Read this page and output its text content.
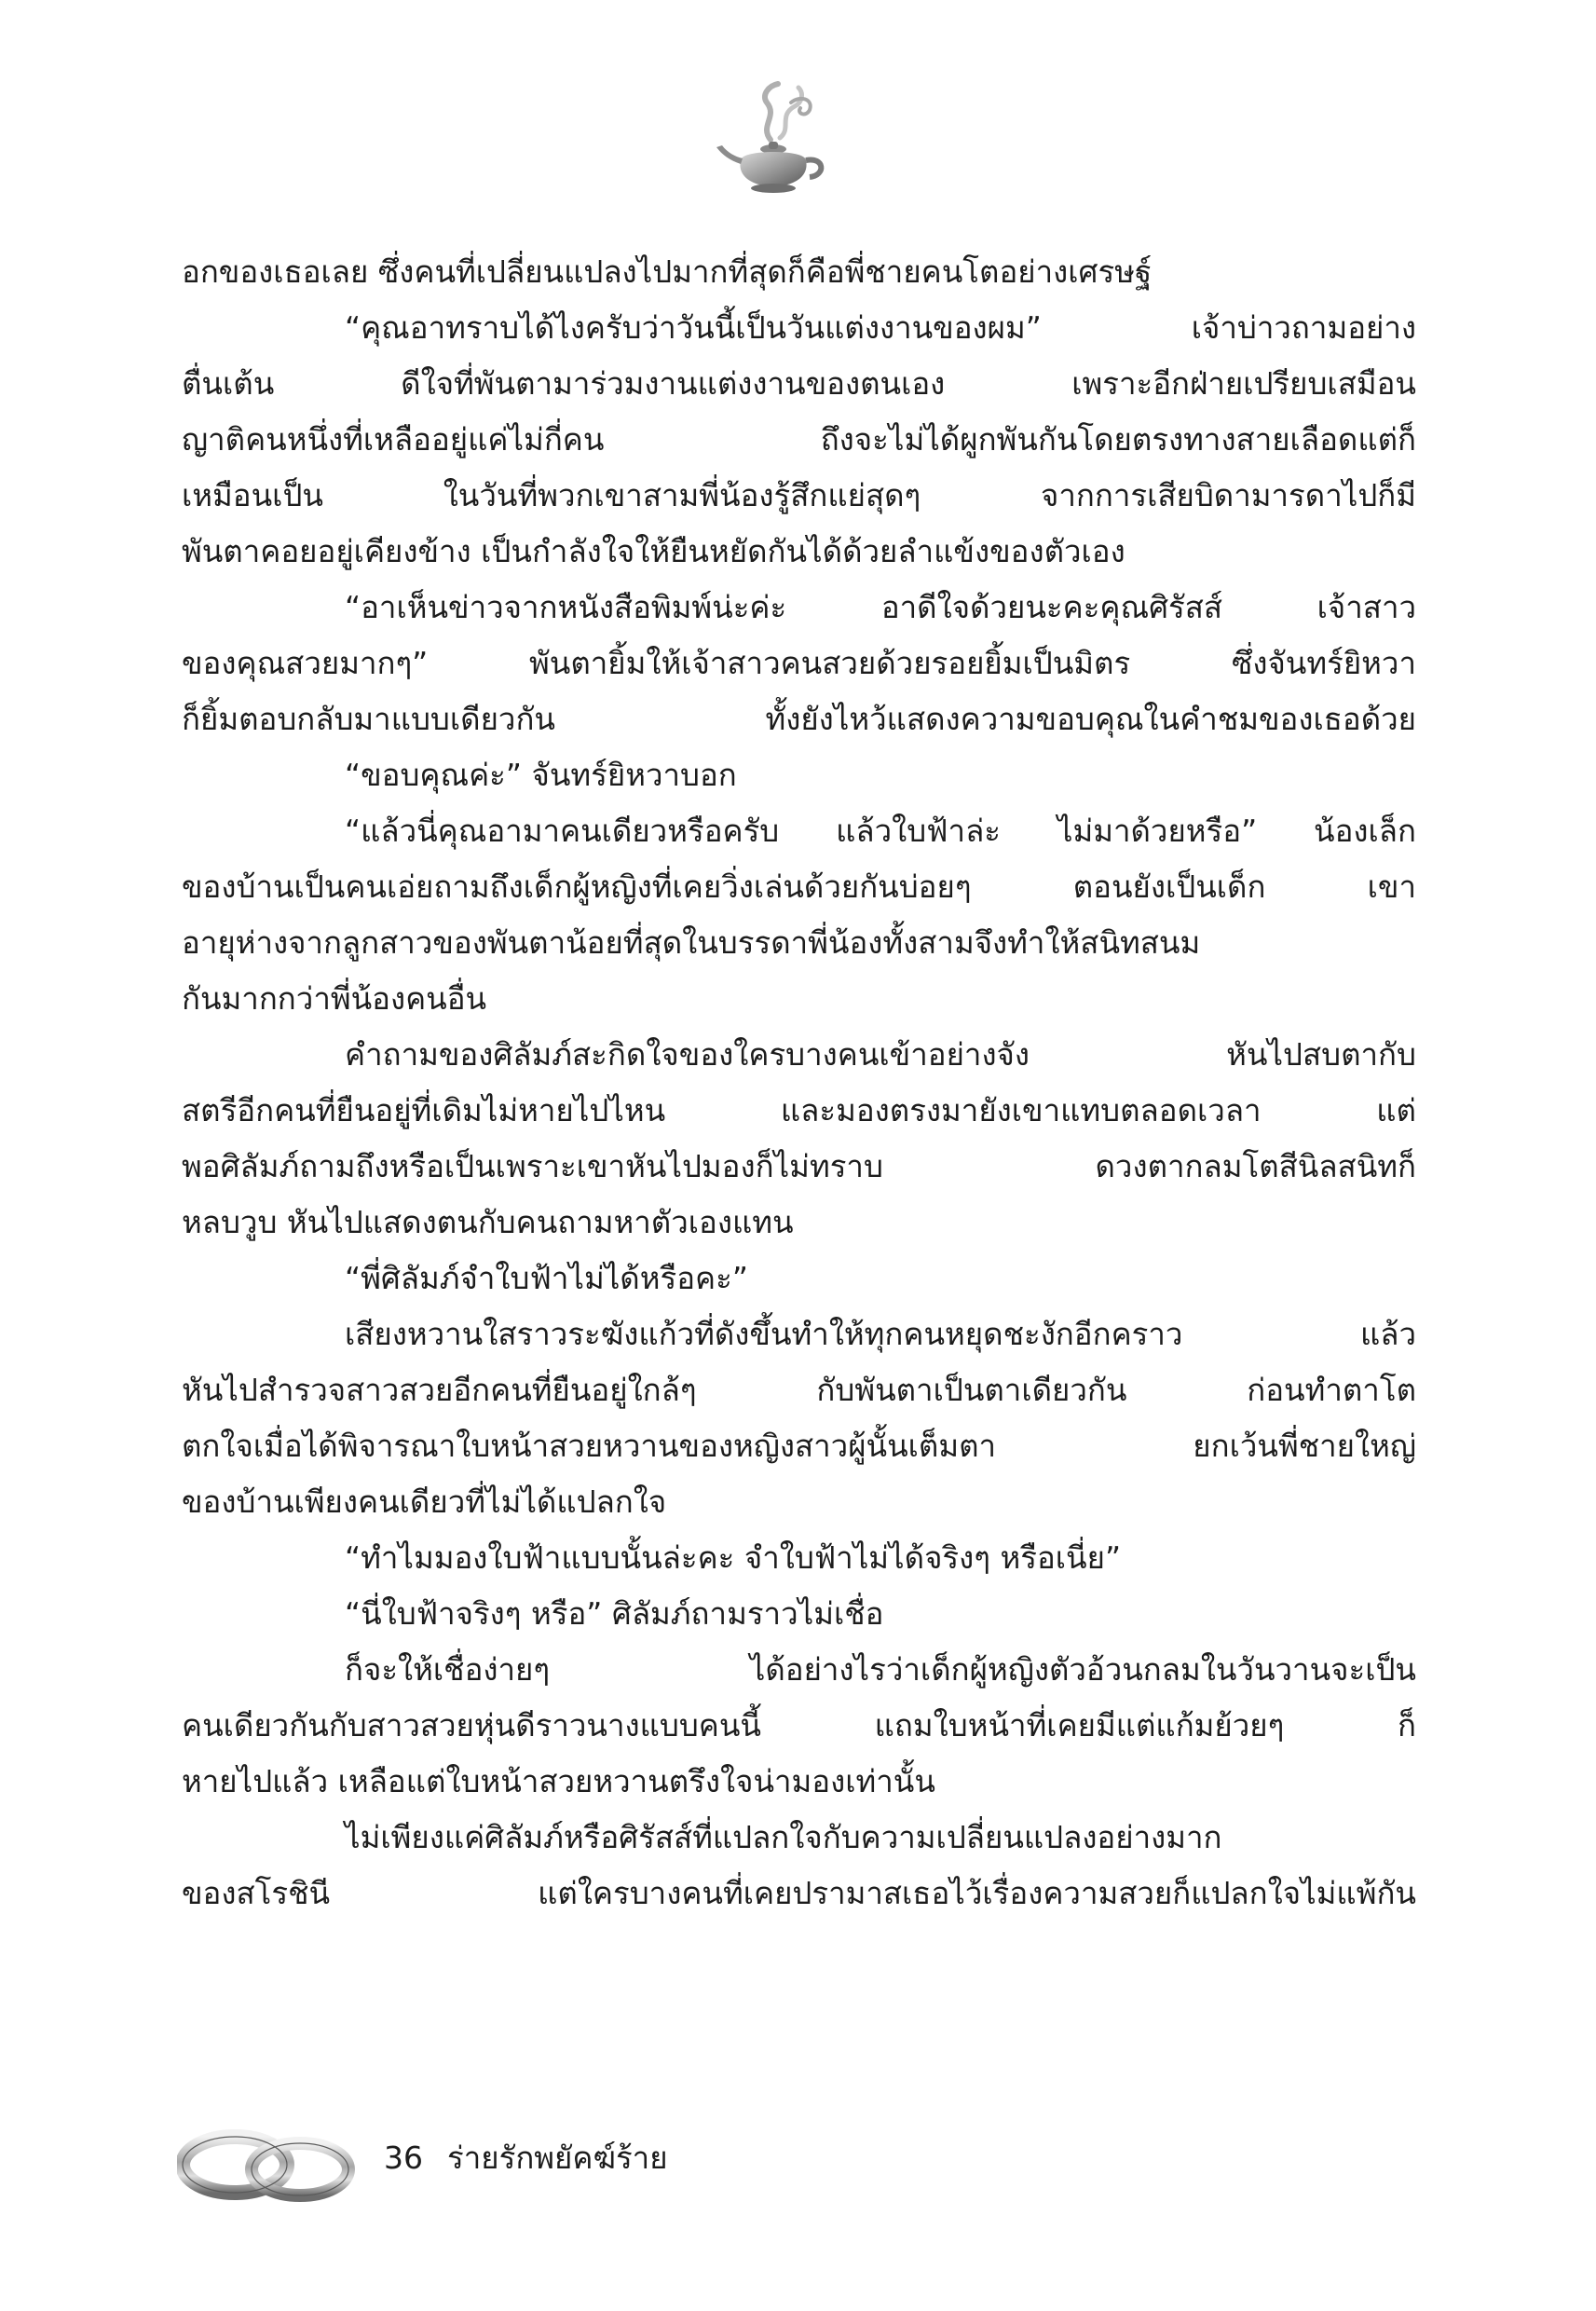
อกของเธอเลย ซึ่งคนที่เปลี่ยนแปลงไปมากที่สุดก็คือพี่ชายคนโตอย่างเศรษฐ์
“คุณอาทราบได้ไงครับว่าวันนี้เป็นวันแต่งงานของผม” เจ้าบ่าวถามอย่าง
ตื่นเต้น ดีใจที่พันตามาร่วมงานแต่งงานของตนเอง เพราะอีกฝ่ายเปรียบเสมือน
ญาติคนหนึ่งที่เหลืออยู่แค่ไม่กี่คน ถึงจะไม่ได้ผูกพันกันโดยตรงทางสายเลือดแต่ก็
เหมือนเป็น ในวันที่พวกเขาสามพี่น้องรู้สึกแย่สุดๆ จากการเสียบิดามารดาไปก็มี
พันตาคอยอยู่เคียงข้าง เป็นกำลังใจให้ยืนหยัดกันได้ด้วยลำแข้งของตัวเอง
“อาเห็นข่าวจากหนังสือพิมพ์น่ะค่ะ อาดีใจด้วยนะคะคุณศิรัสส์ เจ้าสาว
ของคุณสวยมากๆ” พันตายิ้มให้เจ้าสาวคนสวยด้วยรอยยิ้มเป็นมิตร ซึ่งจันทร์ยิหวา
ก็ยิ้มตอบกลับมาแบบเดียวกัน ทั้งยังไหว้แสดงความขอบคุณในคำชมของเธอด้วย
“ขอบคุณค่ะ” จันทร์ยิหวาบอก
“แล้วนี่คุณอามาคนเดียวหรือครับ แล้วใบฟ้าล่ะ ไม่มาด้วยหรือ” น้องเล็ก
ของบ้านเป็นคนเอ่ยถามถึงเด็กผู้หญิงที่เคยวิ่งเล่นด้วยกันบ่อยๆ ตอนยังเป็นเด็ก เขา
อายุห่างจากลูกสาวของพันตาน้อยที่สุดในบรรดาพี่น้องทั้งสามจึงทำให้สนิทสนม
กันมากกว่าพี่น้องคนอื่น
คำถามของศิลัมภ์สะกิดใจของใครบางคนเข้าอย่างจัง หันไปสบตากับ
สตรีอีกคนที่ยืนอยู่ที่เดิมไม่หายไปไหน และมองตรงมายังเขาแทบตลอดเวลา แต่
พอศิลัมภ์ถามถึงหรือเป็นเพราะเขาหันไปมองก็ไม่ทราบ ดวงตากลมโตสีนิลสนิทก็
หลบวูบ หันไปแสดงตนกับคนถามหาตัวเองแทน
“พี่ศิลัมภ์จำใบฟ้าไม่ได้หรือคะ”
เสียงหวานใสราวระฆังแก้วที่ดังขึ้นทำให้ทุกคนหยุดชะงักอีกคราว แล้ว
หันไปสำรวจสาวสวยอีกคนที่ยืนอยู่ใกล้ๆ กับพันตาเป็นตาเดียวกัน ก่อนทำตาโต
ตกใจเมื่อได้พิจารณาใบหน้าสวยหวานของหญิงสาวผู้นั้นเต็มตา ยกเว้นพี่ชายใหญ่
ของบ้านเพียงคนเดียวที่ไม่ได้แปลกใจ
“ทำไมมองใบฟ้าแบบนั้นล่ะคะ จำใบฟ้าไม่ได้จริงๆ หรือเนี่ย”
“นี่ใบฟ้าจริงๆ หรือ” ศิลัมภ์ถามราวไม่เชื่อ
ก็จะให้เชื่อง่ายๆ ได้อย่างไรว่าเด็กผู้หญิงตัวอ้วนกลมในวันวานจะเป็น
คนเดียวกันกับสาวสวยหุ่นดีราวนางแบบคนนี้ แถมใบหน้าที่เคยมีแต่แก้มย้วยๆ ก็
หายไปแล้ว เหลือแต่ใบหน้าสวยหวานตรึงใจน่ามองเท่านั้น
ไม่เพียงแค่ศิลัมภ์หรือศิรัสส์ที่แปลกใจกับความเปลี่ยนแปลงอย่างมาก
ของสโรชินี แต่ใครบางคนที่เคยปรามาสเธอไว้เรื่องความสวยก็แปลกใจไม่แพ้กัน
36 ร่ายรักพยัคฆ์ร้าย
